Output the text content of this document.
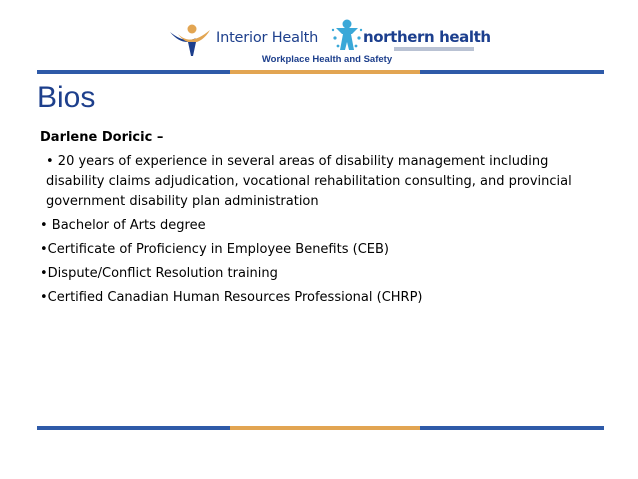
Interior Health	northern health
Workplace Health and Safety
Bios
Darlene Doricic –
• 20 years of experience in several areas of disability management including disability claims adjudication, vocational rehabilitation consulting, and provincial government disability plan administration
• Bachelor of Arts degree
•Certificate of Proficiency in Employee Benefits (CEB)
•Dispute/Conflict Resolution training
•Certified Canadian Human Resources Professional (CHRP)
